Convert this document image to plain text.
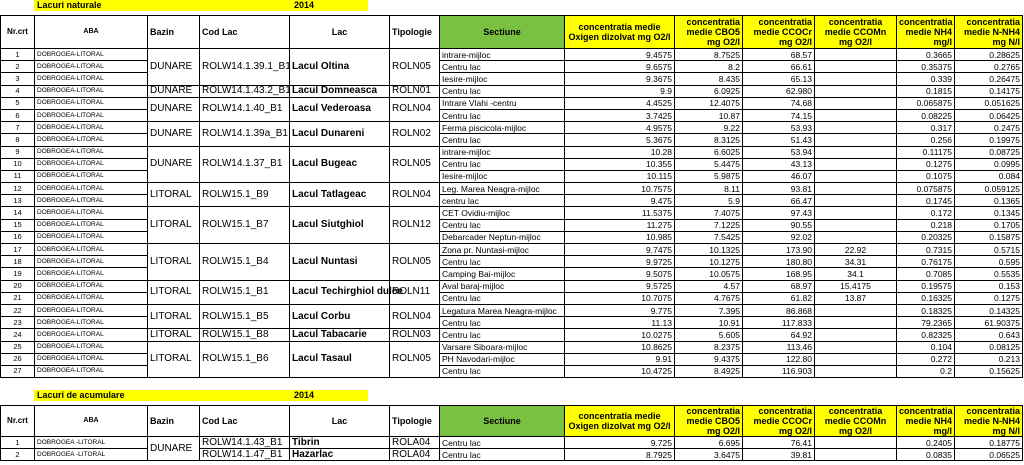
Lacuri naturale	2014
Nr.crt	ABA	Bazin	Cod Lac	Lac	Tipologie	Sectiune	concentratia medie Oxigen dizolvat mg O2/l	concentratia medie CBO5 mg O2/l	concentratia medie CCOCr mg O2/l	concentratia medie CCOMn mg O2/l	concentratia medie NH4 mg/l	concentratia medie N-NH4 mg N/l
1	DOBROGEA-LITORAL	DUNARE	ROLW14.1.39.1_B1	Lacul Oltina	ROLN05	intrare-mijloc	9.4575	8.7525	68.57		0.3665	0.28625
2	DOBROGEA-LITORAL					Centru lac	9.6575	8.2	66.61		0.35375	0.2765
3	DOBROGEA-LITORAL					Iesire-mijloc	9.3675	8.435	65.13		0.339	0.26475
4	DOBROGEA-LITORAL	DUNARE	ROLW14.1.43.2_B1	Lacul Domneasca	ROLN01	Centru lac	9.9	6.0925	62.980		0.1815	0.14175
5	DOBROGEA-LITORAL	DUNARE	ROLW14.1.40_B1	Lacul Vederoasa	ROLN04	Intrare Vlahi -centru	4.4525	12.4075	74.68		0.065875	0.051625
6	DOBROGEA-LITORAL					Centru lac	3.7425	10.87	74.15		0.08225	0.06425
7	DOBROGEA-LITORAL	DUNARE	ROLW14.1.39a_B1	Lacul Dunareni	ROLN02	Ferma piscicola-mijloc	4.9575	9.22	53.93		0.317	0.2475
8	DOBROGEA-LITORAL					Centru lac	5.3675	8.3125	51.43		0.256	0.19975
9	DOBROGEA-LITORAL	DUNARE	ROLW14.1.37_B1	Lacul Bugeac	ROLN05	intrare-mijloc	10.28	6.6025	53.94		0.11175	0.08725
10	DOBROGEA-LITORAL					Centru lac	10.355	5.4475	43.13		0.1275	0.0995
11	DOBROGEA-LITORAL					Iesire-mijloc	10.115	5.9875	46.07		0.1075	0.084
12	DOBROGEA-LITORAL	LITORAL	ROLW15.1_B9	Lacul Tatlageac	ROLN04	Leg. Marea Neagra-mijloc	10.7575	8.11	93.81		0.075875	0.059125
13	DOBROGEA-LITORAL					centru lac	9.475	5.9	66.47		0.1745	0.1365
14	DOBROGEA-LITORAL	LITORAL	ROLW15.1_B7	Lacul Siutghiol	ROLN12	CET Ovidiu-mijloc	11.5375	7.4075	97.43		0.172	0.1345
15	DOBROGEA-LITORAL					Centru lac	11.275	7.1225	90.55		0.218	0.1705
16	DOBROGEA-LITORAL					Debarcader Neptun-mijloc	10.985	7.5425	92.02		0.20325	0.15875
17	DOBROGEA-LITORAL	LITORAL	ROLW15.1_B4	Lacul Nuntasi	ROLN05	Zona pr. Nuntasi-mijloc	9.7475	10.1325	173.90	22.92	0.7315	0.5715
18	DOBROGEA-LITORAL					Centru lac	9.9725	10.1275	180.80	34.31	0.76175	0.595
19	DOBROGEA-LITORAL					Camping Bai-mijloc	9.5075	10.0575	168.95	34.1	0.7085	0.5535
20	DOBROGEA-LITORAL	LITORAL	ROLW15.1_B1	Lacul Techirghiol dulce	ROLN11	Aval baraj-mijloc	9.5725	4.57	68.97	15.4175	0.19575	0.153
21	DOBROGEA-LITORAL					Centru lac	10.7075	4.7675	61.82	13.87	0.16325	0.1275
22	DOBROGEA-LITORAL	LITORAL	ROLW15.1_B5	Lacul Corbu	ROLN04	Legatura Marea Neagra-mijloc	9.775	7.395	86.868		0.18325	0.14325
23	DOBROGEA-LITORAL					Centru lac	11.13	10.91	117.833		79.2365	61.90375
24	DOBROGEA-LITORAL	LITORAL	ROLW15.1_B8	Lacul Tabacarie	ROLN03	Centru lac	10.0275	5.605	64.92		0.82325	0.643
25	DOBROGEA-LITORAL	LITORAL	ROLW15.1_B6	Lacul Tasaul	ROLN05	Varsare Siboara-mijloc	10.8625	8.2375	113.46		0.104	0.08125
26	DOBROGEA-LITORAL					PH Navodari-mijloc	9.91	9.4375	122.80		0.272	0.213
27	DOBROGEA-LITORAL					Centru lac	10.4725	8.4925	116.903		0.2	0.15625
Lacuri de acumulare	2014
Nr.crt	ABA	Bazin	Cod Lac	Lac	Tipologie	Sectiune	concentratia medie Oxigen dizolvat mg O2/l	concentratia medie CBO5 mg O2/l	concentratia medie CCOCr mg O2/l	concentratia medie CCOMn mg O2/l	concentratia medie NH4 mg/l	concentratia medie N-NH4 mg N/l
1	DOBROGEA -LITORAL	DUNARE	ROLW14.1.43_B1	Tibrin	ROLA04	Centru lac	9.725	6.695	76.41		0.2405	0.18775
2	DOBROGEA -LITORAL		ROLW14.1.47_B1	Hazarlac	ROLA04	Centru lac	8.7925	3.6475	39.81		0.0835	0.06525
